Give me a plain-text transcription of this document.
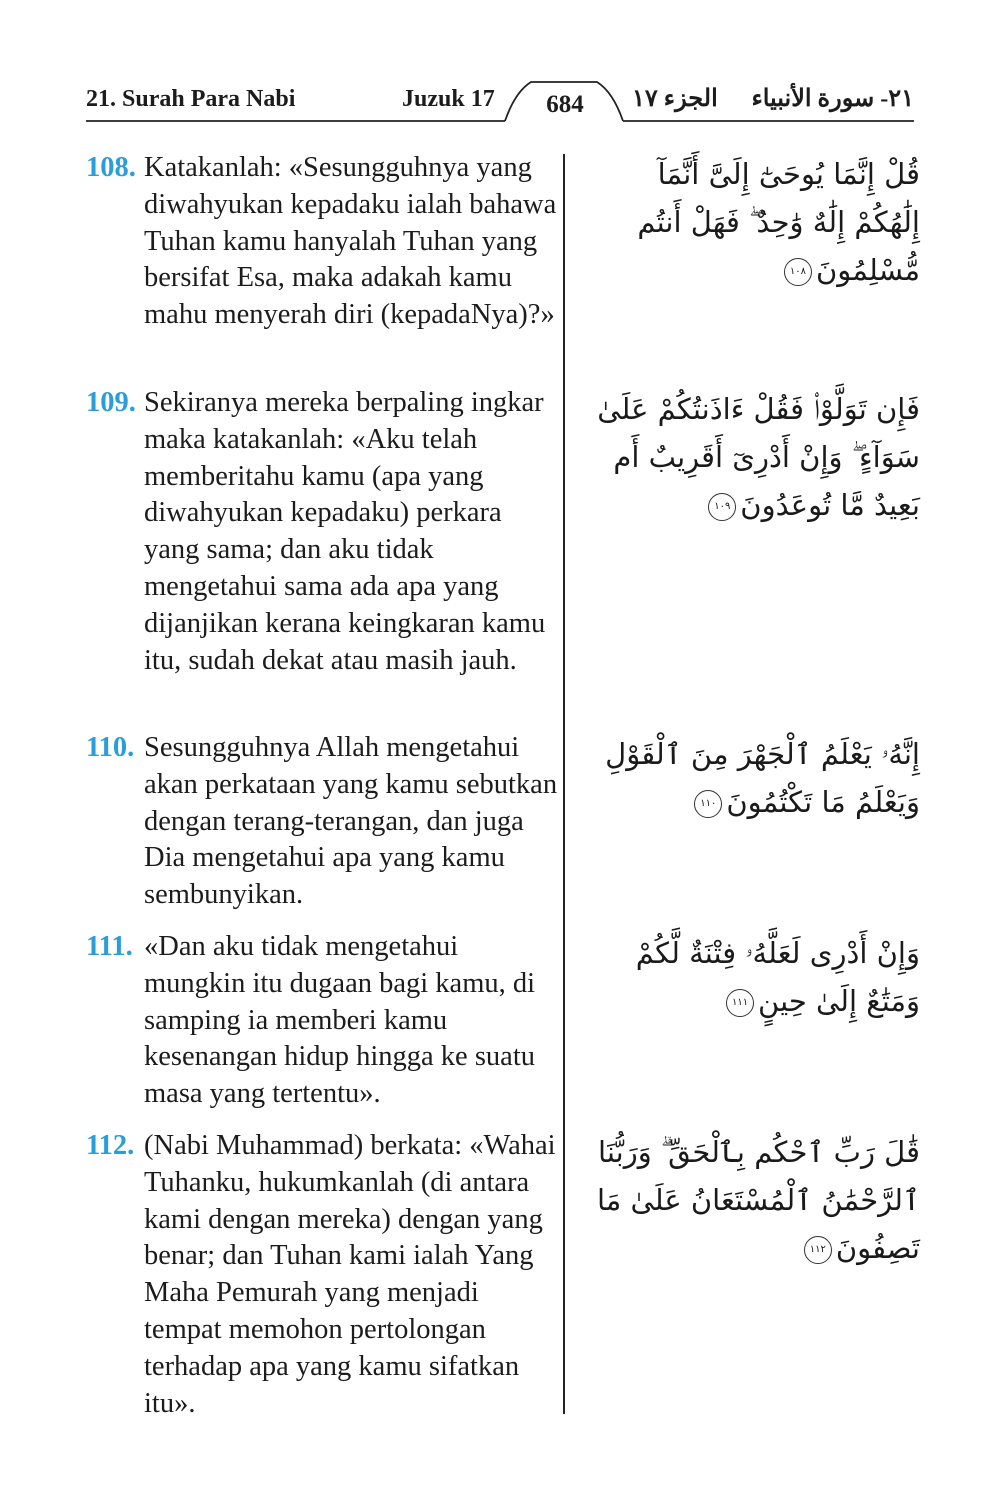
21. Surah Para Nabi	Juzuk 17	684	الجزء ١٧ ٢١- سورة الأنبياء
108. Katakanlah: «Sesungguhnya yang diwahyukan kepadaku ialah bahawa Tuhan kamu hanyalah Tuhan yang bersifat Esa, maka adakah kamu mahu menyerah diri (kepadaNya)?»
قُلْ إِنَّمَا يُوحَىٰٓ إِلَىَّ أَنَّمَآ إِلَٰهُكُمْ إِلَٰهٌ وَٰحِدٌ ۖ فَهَلْ أَنتُم مُّسْلِمُونَ١٠٨
109. Sekiranya mereka berpaling ingkar maka katakanlah: «Aku telah memberitahu kamu (apa yang diwahyukan kepadaku) perkara yang sama; dan aku tidak mengetahui sama ada apa yang dijanjikan kerana keingkaran kamu itu, sudah dekat atau masih jauh.
فَإِن تَوَلَّوْا۟ فَقُلْ ءَاذَنتُكُمْ عَلَىٰ سَوَآءٍ ۖ وَإِنْ أَدْرِىٓ أَقَرِيبٌ أَم بَعِيدٌ مَّا تُوعَدُونَ١٠٩
110. Sesungguhnya Allah mengetahui akan perkataan yang kamu sebutkan dengan terang-terangan, dan juga Dia mengetahui apa yang kamu sembunyikan.
إِنَّهُۥ يَعْلَمُ ٱلْجَهْرَ مِنَ ٱلْقَوْلِ وَيَعْلَمُ مَا تَكْتُمُونَ١١٠
111. «Dan aku tidak mengetahui mungkin itu dugaan bagi kamu, di samping ia memberi kamu kesenangan hidup hingga ke suatu masa yang tertentu».
وَإِنْ أَدْرِى لَعَلَّهُۥ فِتْنَةٌ لَّكُمْ وَمَتَٰعٌ إِلَىٰ حِينٍ١١١
112. (Nabi Muhammad) berkata: «Wahai Tuhanku, hukumkanlah (di antara kami dengan mereka) dengan yang benar; dan Tuhan kami ialah Yang Maha Pemurah yang menjadi tempat memohon pertolongan terhadap apa yang kamu sifatkan itu».
قَٰلَ رَبِّ ٱحْكُم بِٱلْحَقِّ ۗ وَرَبُّنَا ٱلرَّحْمَٰنُ ٱلْمُسْتَعَانُ عَلَىٰ مَا تَصِفُونَ١١٢
